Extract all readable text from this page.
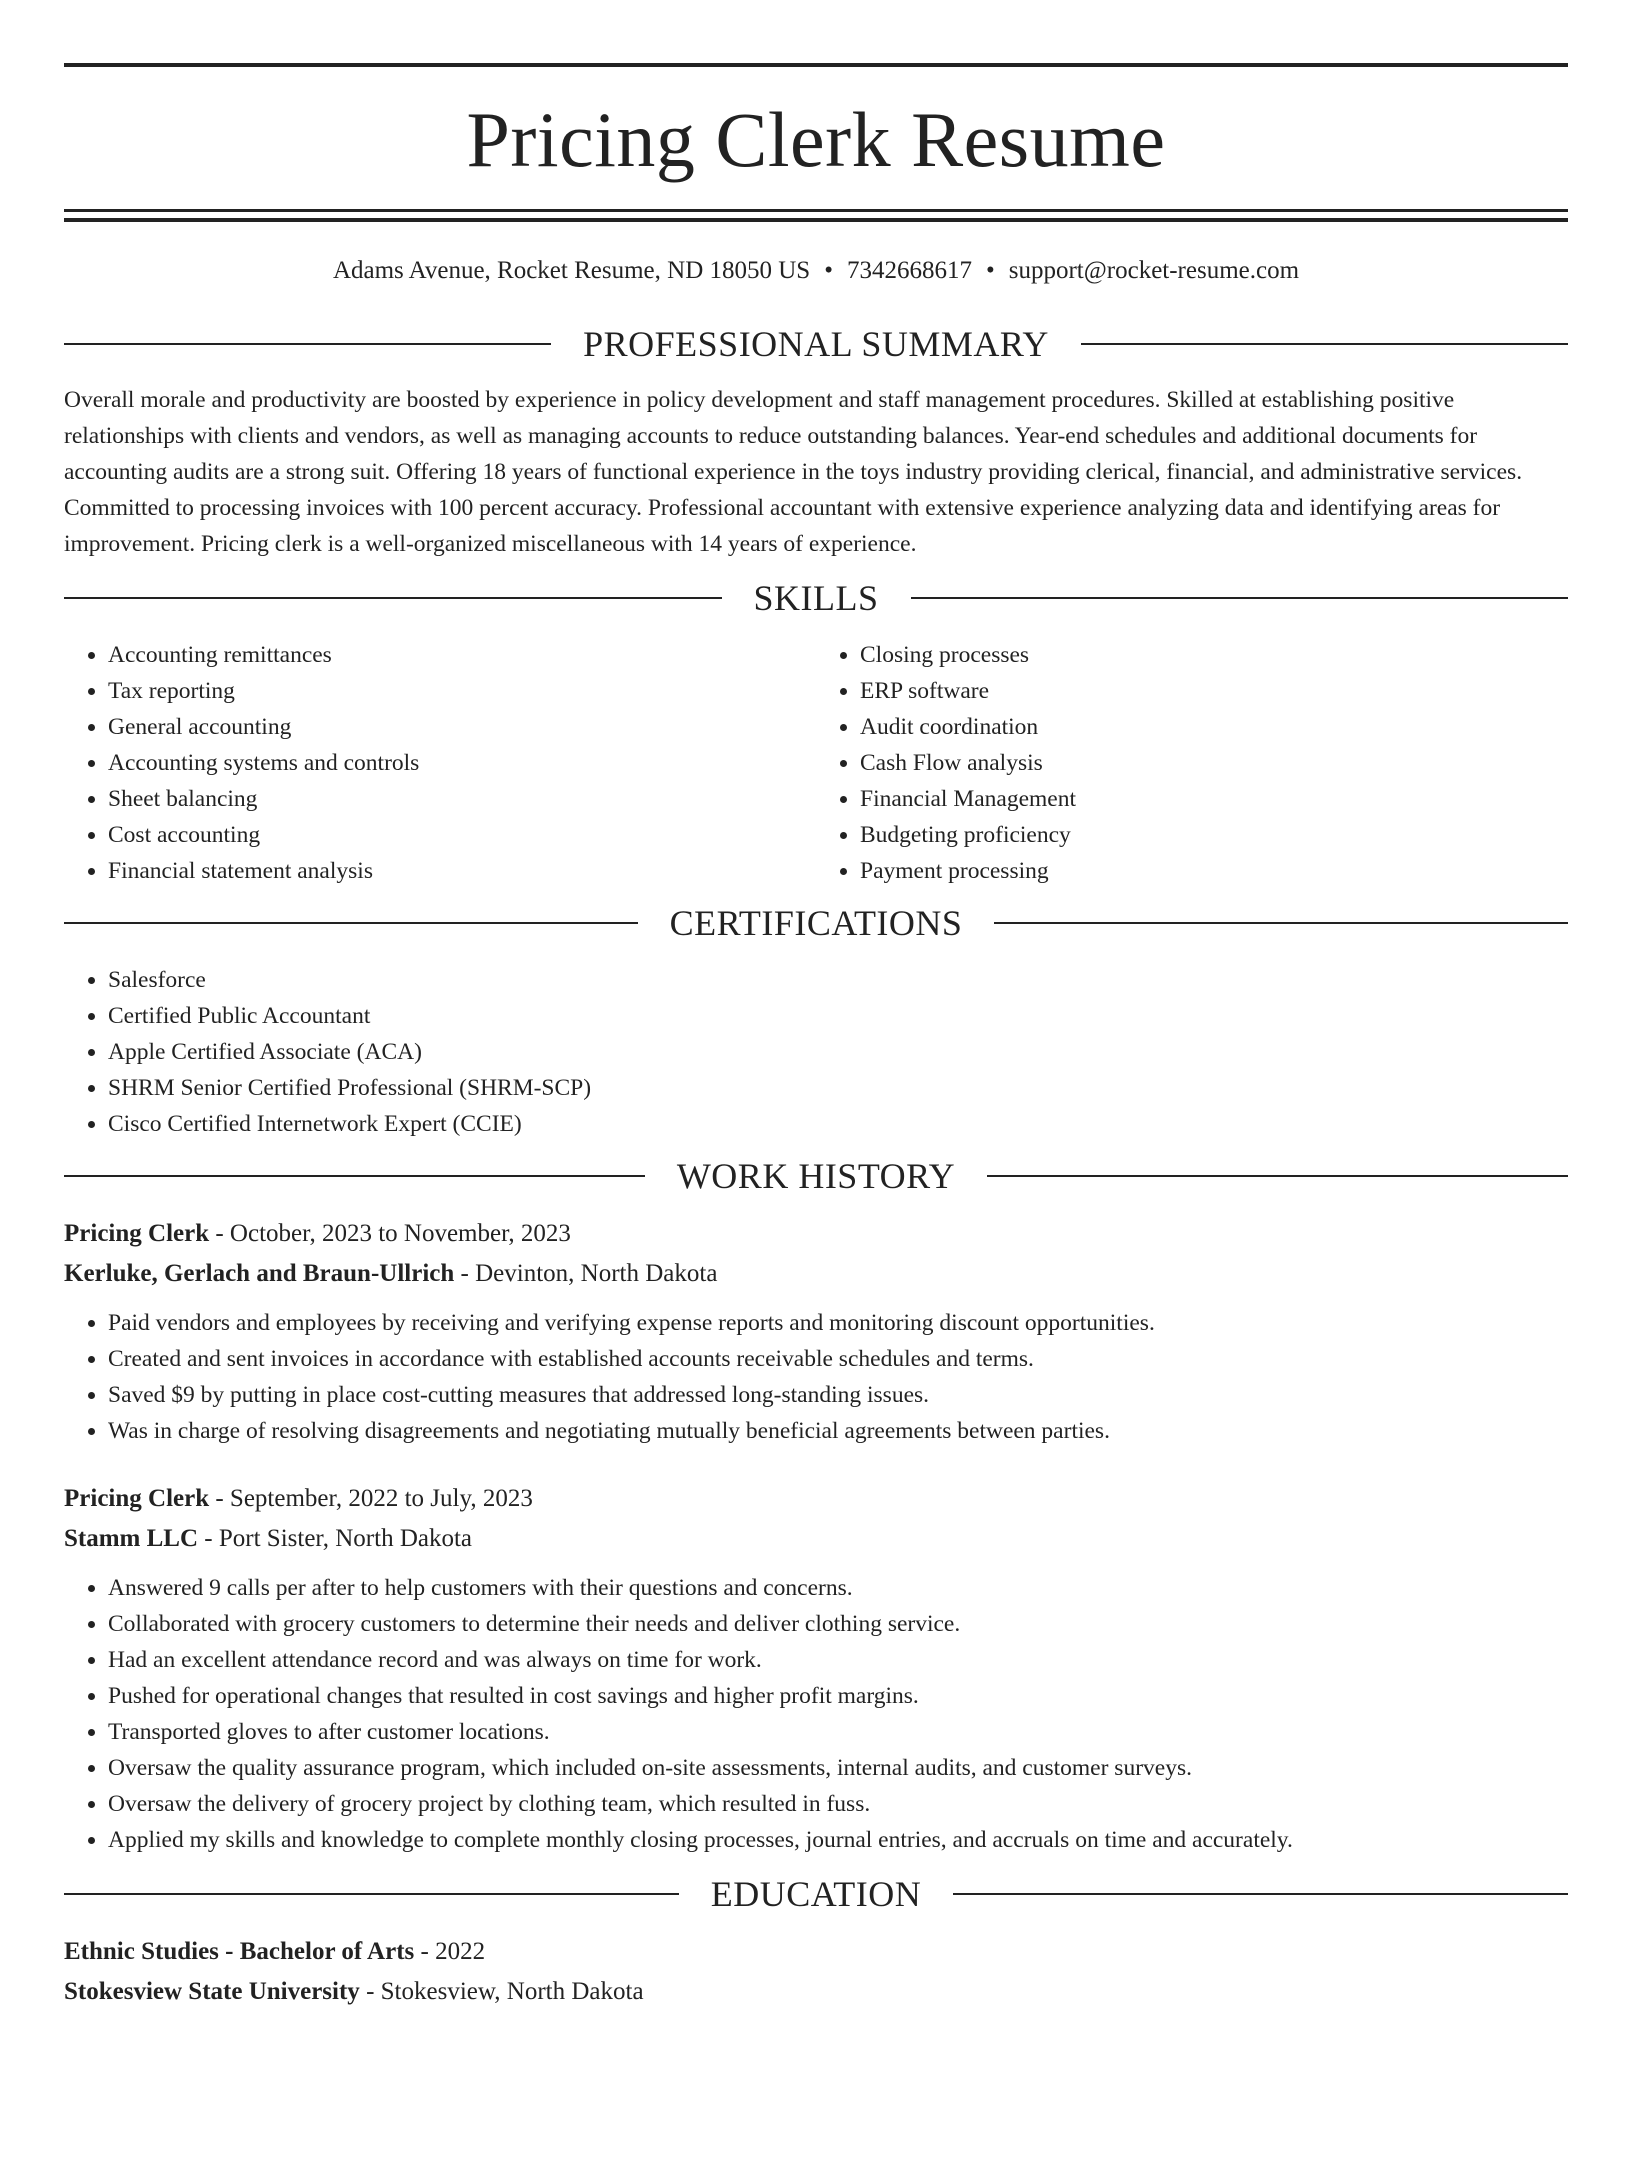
Pricing Clerk Resume
Adams Avenue, Rocket Resume, ND 18050 US • 7342668617 • support@rocket-resume.com
PROFESSIONAL SUMMARY

Overall morale and productivity are boosted by experience in policy development and staff management procedures. Skilled at establishing positive relationships with clients and vendors, as well as managing accounts to reduce outstanding balances. Year-end schedules and additional documents for accounting audits are a strong suit. Offering 18 years of functional experience in the toys industry providing clerical, financial, and administrative services. Committed to processing invoices with 100 percent accuracy. Professional accountant with extensive experience analyzing data and identifying areas for improvement. Pricing clerk is a well-organized miscellaneous with 14 years of experience.

SKILLS
• Accounting remittances
• Tax reporting
• General accounting
• Accounting systems and controls
• Sheet balancing
• Cost accounting
• Financial statement analysis
• Closing processes
• ERP software
• Audit coordination
• Cash Flow analysis
• Financial Management
• Budgeting proficiency
• Payment processing
CERTIFICATIONS
• Salesforce
• Certified Public Accountant
• Apple Certified Associate (ACA)
• SHRM Senior Certified Professional (SHRM-SCP)
• Cisco Certified Internetwork Expert (CCIE)
WORK HISTORY

Pricing Clerk - October, 2023 to November, 2023

Kerluke, Gerlach and Braun-Ullrich - Devinton, North Dakota

• Paid vendors and employees by receiving and verifying expense reports and monitoring discount opportunities.
• Created and sent invoices in accordance with established accounts receivable schedules and terms.
• Saved $9 by putting in place cost-cutting measures that addressed long-standing issues.
• Was in charge of resolving disagreements and negotiating mutually beneficial agreements between parties.

Pricing Clerk - September, 2022 to July, 2023

Stamm LLC - Port Sister, North Dakota

• Answered 9 calls per after to help customers with their questions and concerns.
• Collaborated with grocery customers to determine their needs and deliver clothing service.
• Had an excellent attendance record and was always on time for work.
• Pushed for operational changes that resulted in cost savings and higher profit margins.
• Transported gloves to after customer locations.
• Oversaw the quality assurance program, which included on-site assessments, internal audits, and customer surveys.
• Oversaw the delivery of grocery project by clothing team, which resulted in fuss.
• Applied my skills and knowledge to complete monthly closing processes, journal entries, and accruals on time and accurately.
EDUCATION

Ethnic Studies - Bachelor of Arts - 2022

Stokesview State University - Stokesview, North Dakota
